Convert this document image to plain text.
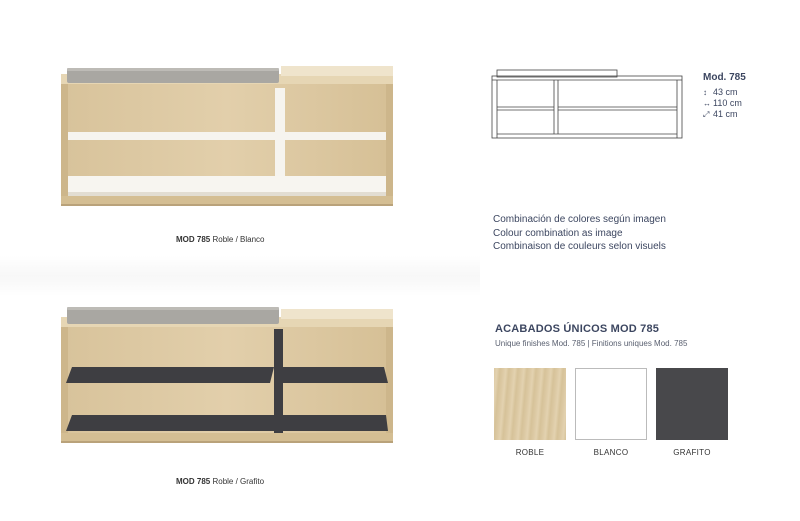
MOD 785 Roble / Blanco
MOD 785 Roble / Grafito
Mod. 785
↕ 43 cm
↔ 110 cm
⤢ 41 cm
Combinación de colores según imagen
Colour combination as image
Combinaison de couleurs selon visuels
ACABADOS ÚNICOS MOD 785
Unique finishes Mod. 785 | Finitions uniques Mod. 785
ROBLE	BLANCO	GRAFITO
